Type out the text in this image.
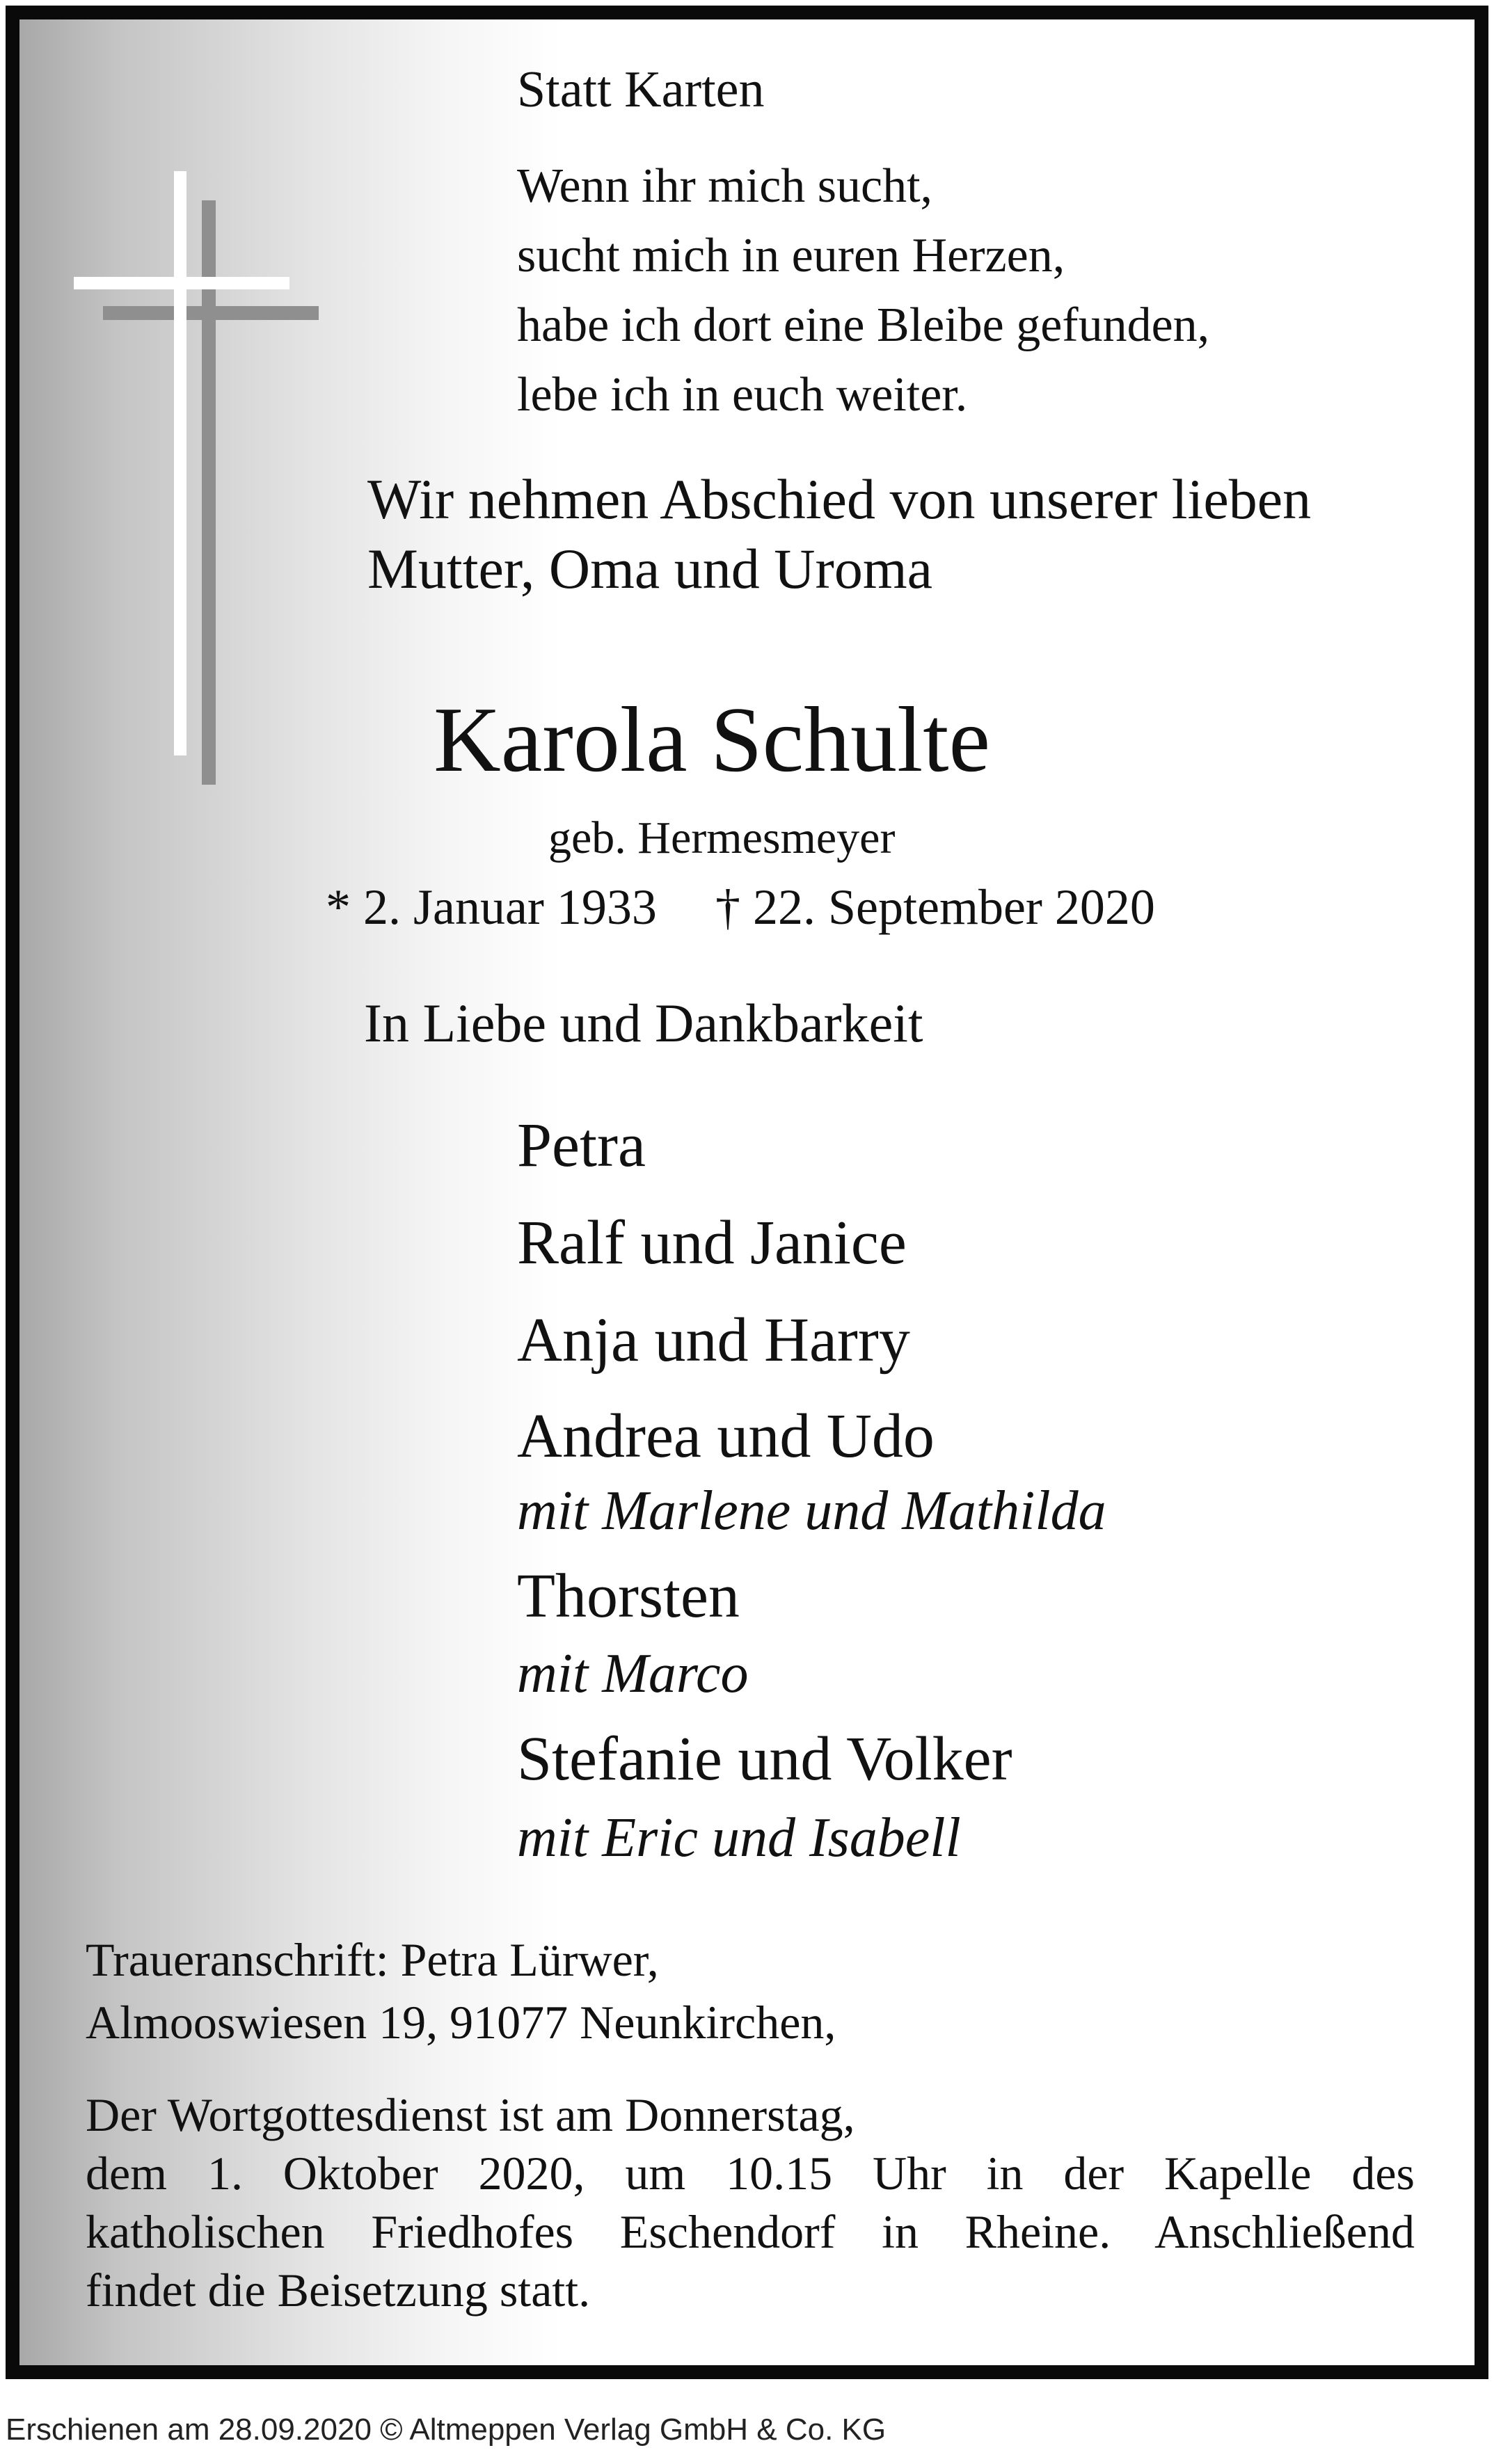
Statt Karten
Wenn ihr mich sucht,
sucht mich in euren Herzen,
habe ich dort eine Bleibe gefunden,
lebe ich in euch weiter.
Wir nehmen Abschied von unserer lieben
Mutter, Oma und Uroma
Karola Schulte
geb. Hermesmeyer
* 2. Januar 1933 † 22. September 2020
In Liebe und Dankbarkeit
Petra
Ralf und Janice
Anja und Harry
Andrea und Udo
mit Marlene und Mathilda
Thorsten
mit Marco
Stefanie und Volker
mit Eric und Isabell
Traueranschrift: Petra Lürwer,
Almooswiesen 19, 91077 Neunkirchen,
Der Wortgottesdienst ist am Donnerstag,
dem 1. Oktober 2020, um 10.15 Uhr in der Kapelle des
katholischen Friedhofes Eschendorf in Rheine. Anschließend
findet die Beisetzung statt.
Erschienen am 28.09.2020 © Altmeppen Verlag GmbH & Co. KG
